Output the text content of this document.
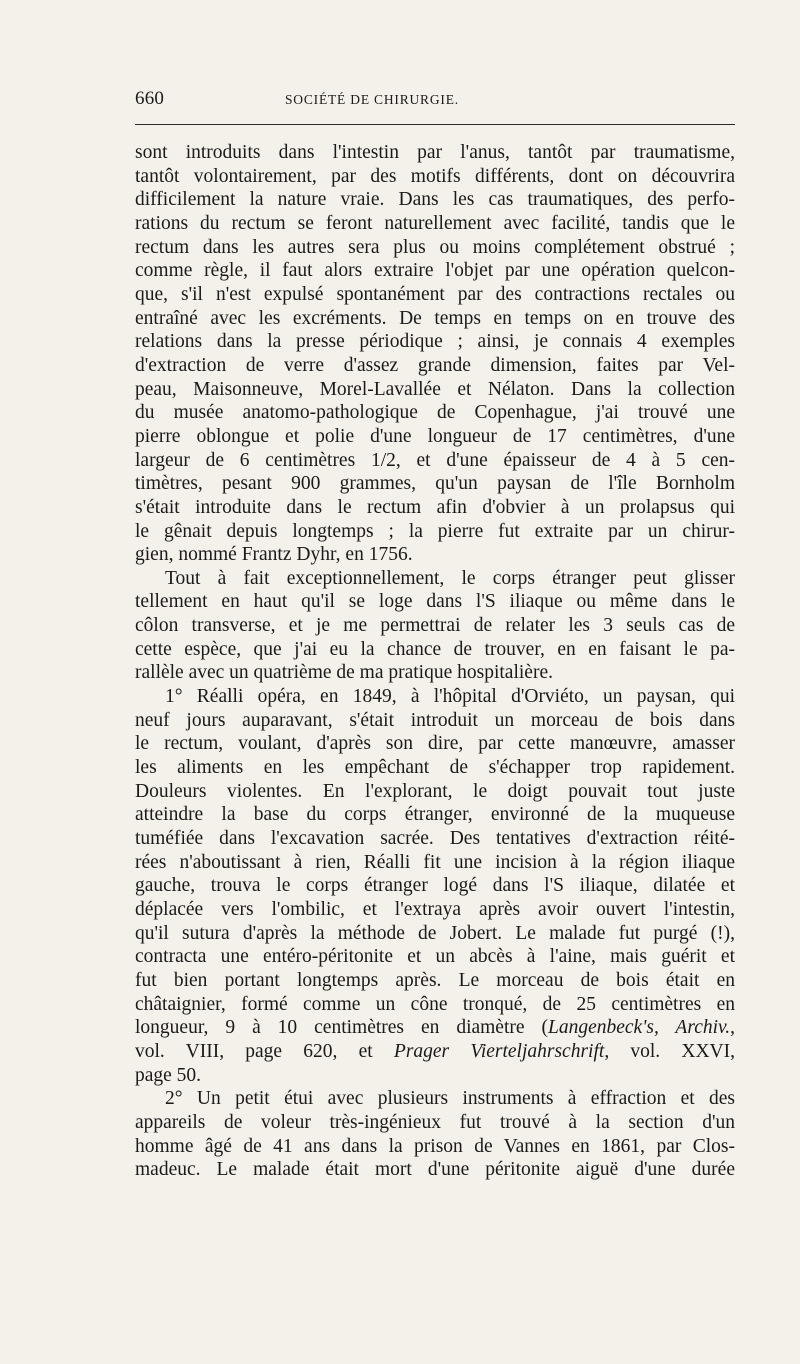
660	SOCIÉTÉ DE CHIRURGIE.
sont introduits dans l'intestin par l'anus, tantôt par traumatisme,
tantôt volontairement, par des motifs différents, dont on découvrira
difficilement la nature vraie. Dans les cas traumatiques, des perfo-
rations du rectum se feront naturellement avec facilité, tandis que le
rectum dans les autres sera plus ou moins complétement obstrué ;
comme règle, il faut alors extraire l'objet par une opération quelcon-
que, s'il n'est expulsé spontanément par des contractions rectales ou
entraîné avec les excréments. De temps en temps on en trouve des
relations dans la presse périodique ; ainsi, je connais 4 exemples
d'extraction de verre d'assez grande dimension, faites par Vel-
peau, Maisonneuve, Morel-Lavallée et Nélaton. Dans la collection
du musée anatomo-pathologique de Copenhague, j'ai trouvé une
pierre oblongue et polie d'une longueur de 17 centimètres, d'une
largeur de 6 centimètres 1/2, et d'une épaisseur de 4 à 5 cen-
timètres, pesant 900 grammes, qu'un paysan de l'île Bornholm
s'était introduite dans le rectum afin d'obvier à un prolapsus qui
le gênait depuis longtemps ; la pierre fut extraite par un chirur-
gien, nommé Frantz Dyhr, en 1756.
Tout à fait exceptionnellement, le corps étranger peut glisser
tellement en haut qu'il se loge dans l'S iliaque ou même dans le
côlon transverse, et je me permettrai de relater les 3 seuls cas de
cette espèce, que j'ai eu la chance de trouver, en en faisant le pa-
rallèle avec un quatrième de ma pratique hospitalière.
1° Réalli opéra, en 1849, à l'hôpital d'Orviéto, un paysan, qui
neuf jours auparavant, s'était introduit un morceau de bois dans
le rectum, voulant, d'après son dire, par cette manœuvre, amasser
les aliments en les empêchant de s'échapper trop rapidement.
Douleurs violentes. En l'explorant, le doigt pouvait tout juste
atteindre la base du corps étranger, environné de la muqueuse
tuméfiée dans l'excavation sacrée. Des tentatives d'extraction réité-
rées n'aboutissant à rien, Réalli fit une incision à la région iliaque
gauche, trouva le corps étranger logé dans l'S iliaque, dilatée et
déplacée vers l'ombilic, et l'extraya après avoir ouvert l'intestin,
qu'il sutura d'après la méthode de Jobert. Le malade fut purgé (!),
contracta une entéro-péritonite et un abcès à l'aine, mais guérit et
fut bien portant longtemps après. Le morceau de bois était en
châtaignier, formé comme un cône tronqué, de 25 centimètres en
longueur, 9 à 10 centimètres en diamètre (Langenbeck's, Archiv.,
vol. VIII, page 620, et Prager Vierteljahrschrift, vol. XXVI,
page 50.
2° Un petit étui avec plusieurs instruments à effraction et des
appareils de voleur très-ingénieux fut trouvé à la section d'un
homme âgé de 41 ans dans la prison de Vannes en 1861, par Clos-
madeuc. Le malade était mort d'une péritonite aiguë d'une durée
